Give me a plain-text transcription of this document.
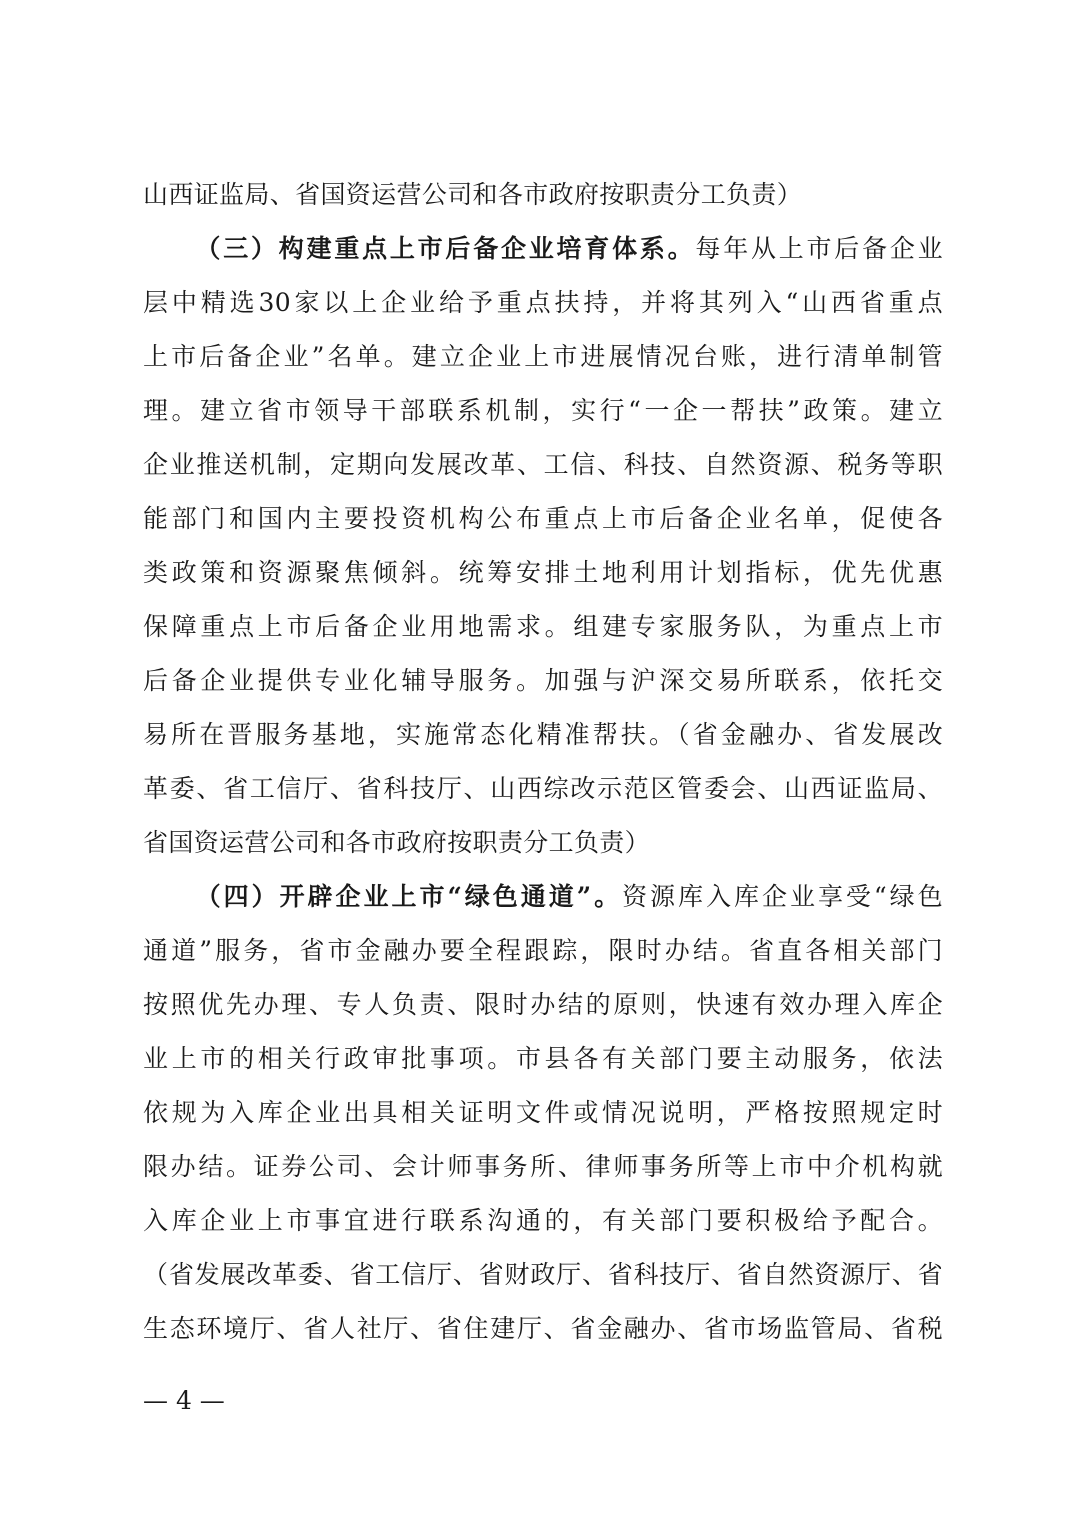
山西证监局、省国资运营公司和各市政府按职责分工负责）
（三）构建重点上市后备企业培育体系。每年从上市后备企业
层中精选30家以上企业给予重点扶持，并将其列入“山西省重点
上市后备企业”名单。建立企业上市进展情况台账，进行清单制管
理。建立省市领导干部联系机制，实行“一企一帮扶”政策。建立
企业推送机制，定期向发展改革、工信、科技、自然资源、税务等职
能部门和国内主要投资机构公布重点上市后备企业名单，促使各
类政策和资源聚焦倾斜。统筹安排土地利用计划指标，优先优惠
保障重点上市后备企业用地需求。组建专家服务队，为重点上市
后备企业提供专业化辅导服务。加强与沪深交易所联系，依托交
易所在晋服务基地，实施常态化精准帮扶。（省金融办、省发展改
革委、省工信厅、省科技厅、山西综改示范区管委会、山西证监局、
省国资运营公司和各市政府按职责分工负责）
（四）开辟企业上市“绿色通道”。资源库入库企业享受“绿色
通道”服务，省市金融办要全程跟踪，限时办结。省直各相关部门
按照优先办理、专人负责、限时办结的原则，快速有效办理入库企
业上市的相关行政审批事项。市县各有关部门要主动服务，依法
依规为入库企业出具相关证明文件或情况说明，严格按照规定时
限办结。证券公司、会计师事务所、律师事务所等上市中介机构就
入库企业上市事宜进行联系沟通的，有关部门要积极给予配合。
（省发展改革委、省工信厅、省财政厅、省科技厅、省自然资源厅、省
生态环境厅、省人社厅、省住建厅、省金融办、省市场监管局、省税
— 4 —
